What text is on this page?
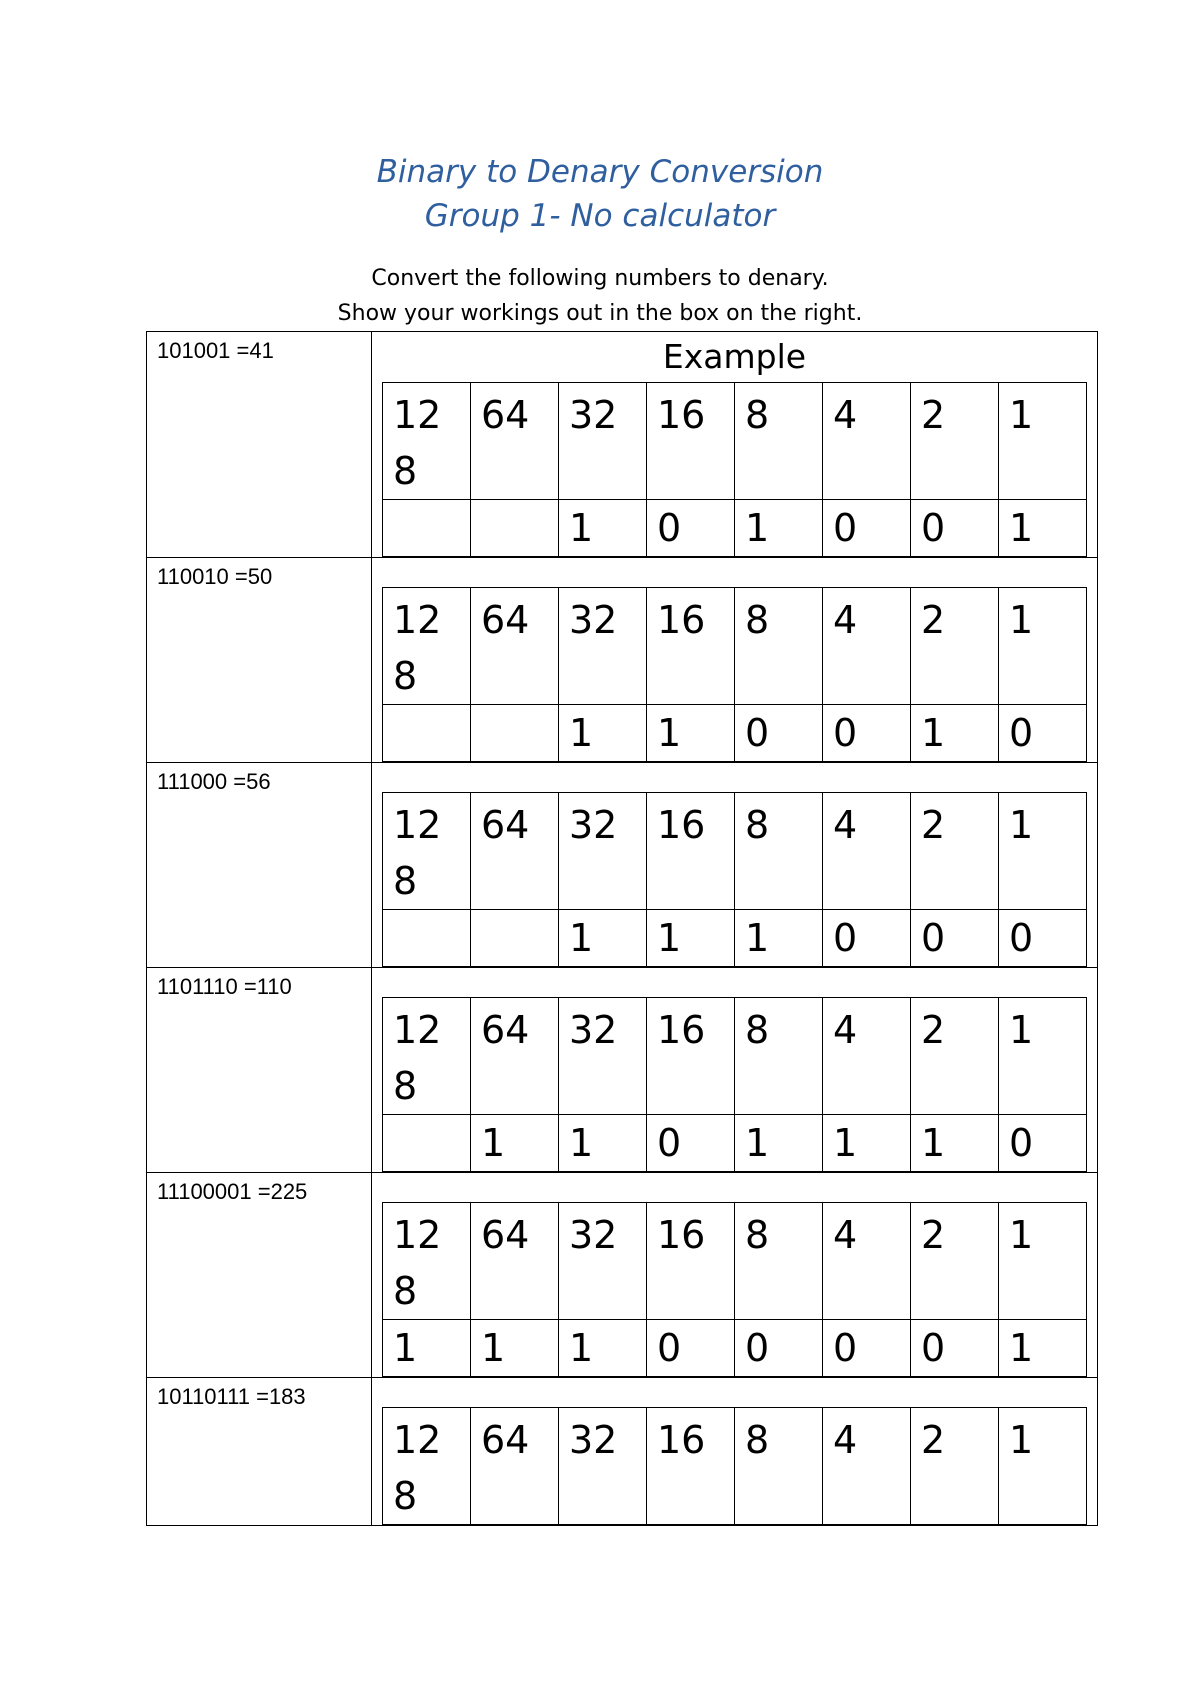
Binary to Denary Conversion
Group 1- No calculator
Convert the following numbers to denary.
Show your workings out in the box on the right.
101001 =41	Example
128	64	32	16	8	4	2	1
		1	0	1	0	0	1

110010 =50	
128	64	32	16	8	4	2	1
		1	1	0	0	1	0

111000 =56	
128	64	32	16	8	4	2	1
		1	1	1	0	0	0

1101110 =110	
128	64	32	16	8	4	2	1
	1	1	0	1	1	1	0

11100001 =225	
128	64	32	16	8	4	2	1
1	1	1	0	0	0	0	1

10110111 =183	
128	64	32	16	8	4	2	1
